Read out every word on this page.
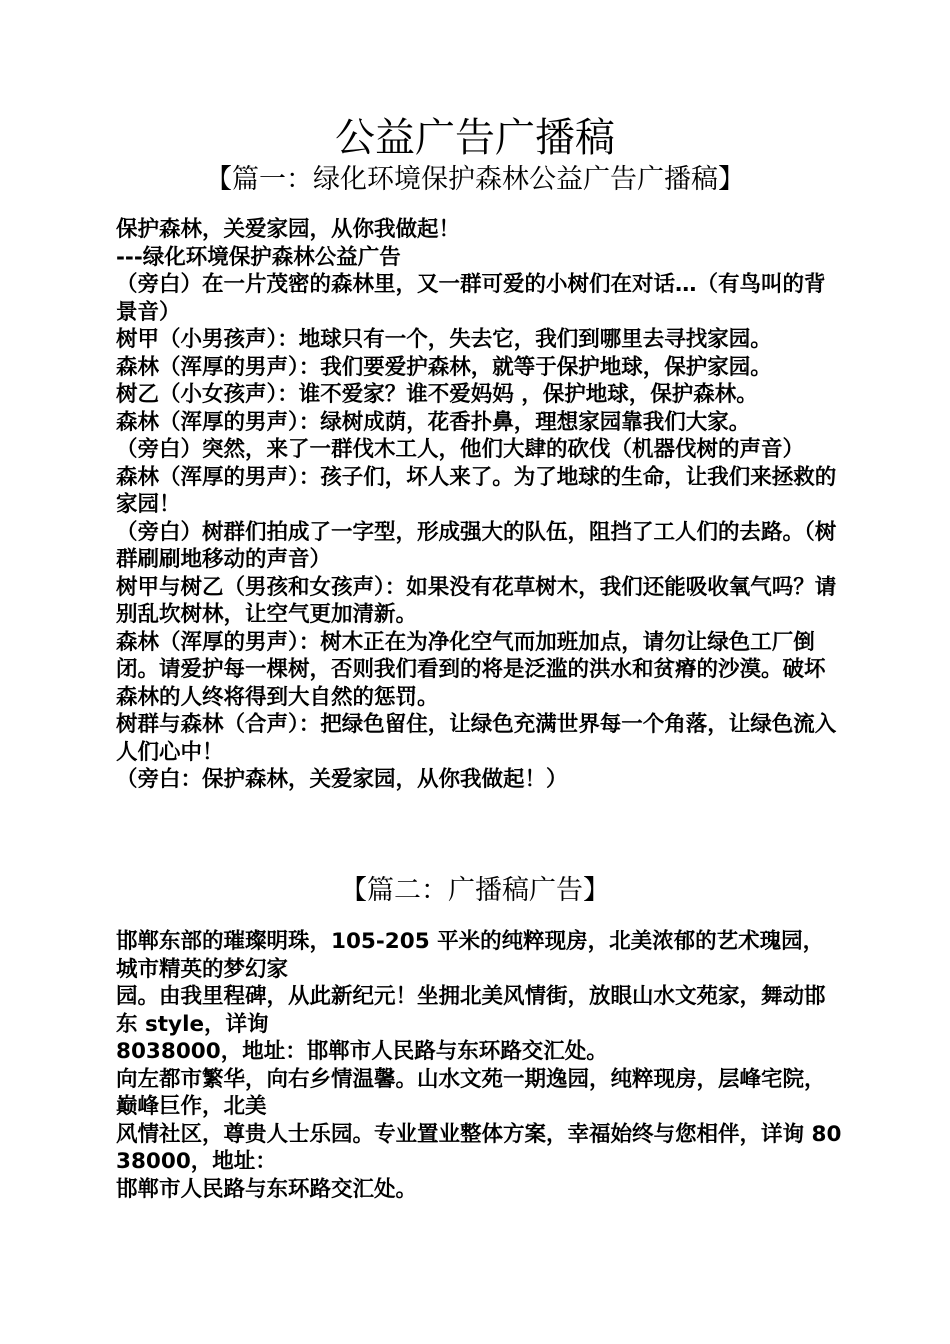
公益广告广播稿
【篇一：绿化环境保护森林公益广告广播稿】
保护森林，关爱家园，从你我做起！
---绿化环境保护森林公益广告
（旁白）在一片茂密的森林里，又一群可爱的小树们在对话…（有鸟叫的背景音）
树甲（小男孩声）：地球只有一个，失去它，我们到哪里去寻找家园。
森林（浑厚的男声）：我们要爱护森林，就等于保护地球，保护家园。
树乙（小女孩声）：谁不爱家？谁不爱妈妈 ，保护地球，保护森林。
森林（浑厚的男声）：绿树成荫，花香扑鼻，理想家园靠我们大家。
（旁白）突然，来了一群伐木工人，他们大肆的砍伐（机器伐树的声音）
森林（浑厚的男声）：孩子们，坏人来了。为了地球的生命，让我们来拯救的家园！
（旁白）树群们拍成了一字型，形成强大的队伍，阻挡了工人们的去路。（树群刷刷地移动的声音）
树甲与树乙（男孩和女孩声）：如果没有花草树木，我们还能吸收氧气吗？请别乱坎树林，让空气更加清新。
森林（浑厚的男声）：树木正在为净化空气而加班加点，请勿让绿色工厂倒闭。请爱护每一棵树，否则我们看到的将是泛滥的洪水和贫瘠的沙漠。破坏森林的人终将得到大自然的惩罚。
树群与森林（合声）：把绿色留住，让绿色充满世界每一个角落，让绿色流入人们心中！
（旁白：保护森林，关爱家园，从你我做起！）
【篇二：广播稿广告】
邯郸东部的璀璨明珠，105-205 平米的纯粹现房，北美浓郁的艺术瑰园，城市精英的梦幻家
园。由我里程碑，从此新纪元！坐拥北美风情街，放眼山水文苑家，舞动邯东 style，详询
8038000，地址：邯郸市人民路与东环路交汇处。
向左都市繁华，向右乡情温馨。山水文苑一期逸园，纯粹现房，层峰宅院，巅峰巨作，北美
风情社区，尊贵人士乐园。专业置业整体方案，幸福始终与您相伴，详询 8038000，地址：
邯郸市人民路与东环路交汇处。
